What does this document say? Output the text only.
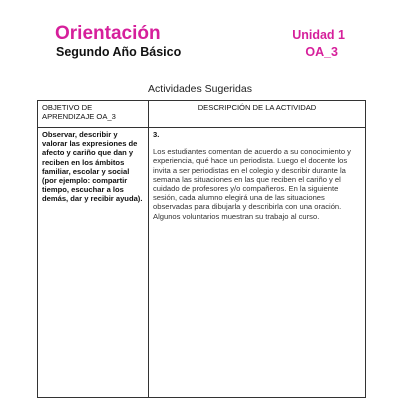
Orientación
Segundo Año Básico
Unidad 1
OA_3
Actividades Sugeridas
OBJETIVO DE APRENDIZAJE OA_3	DESCRIPCIÓN DE LA ACTIVIDAD

Observar, describir y valorar las expresiones de afecto y cariño que dan y reciben en los ámbitos familiar, escolar y social (por ejemplo: compartir tiempo, escuchar a los demás, dar y recibir ayuda).	3.
Los estudiantes comentan de acuerdo a su conocimiento y experiencia, qué hace un periodista. Luego el docente los invita a ser periodistas en el colegio y describir durante la semana las situaciones en las que reciben el cariño y el cuidado de profesores y/o compañeros. En la siguiente sesión, cada alumno elegirá una de las situaciones observadas para dibujarla y describirla con una oración. Algunos voluntarios muestran su trabajo al curso.
